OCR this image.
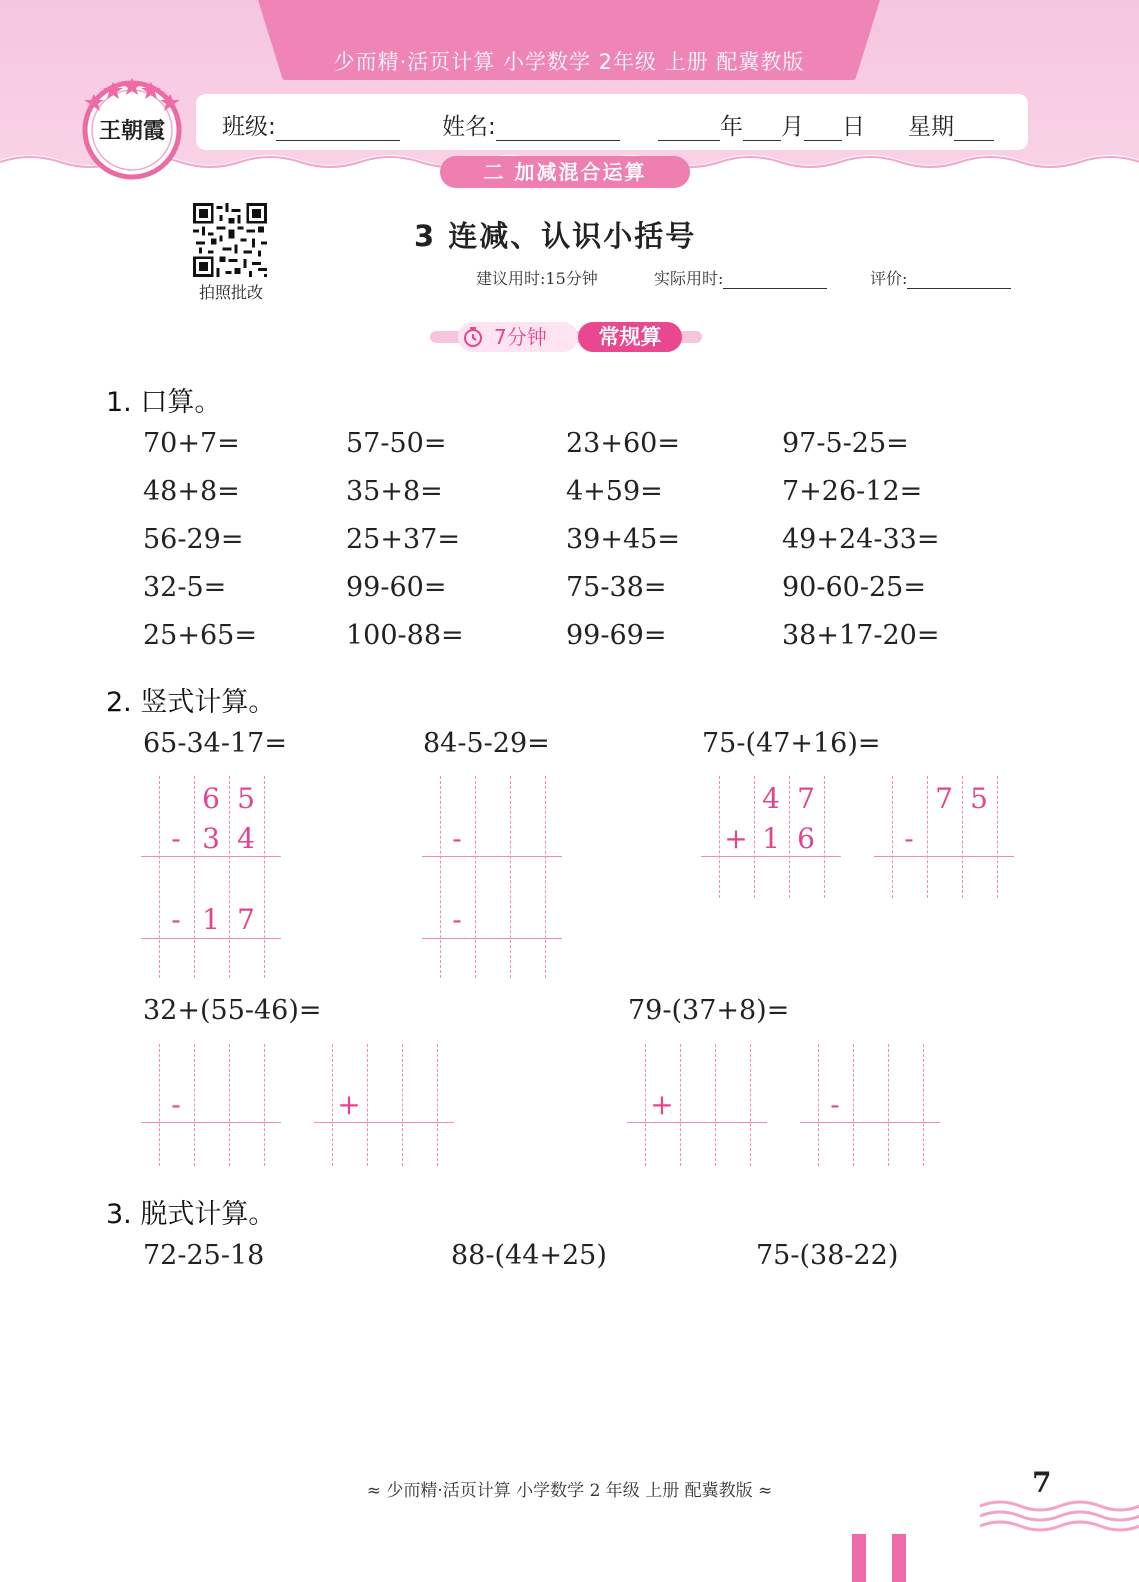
少而精·活页计算 小学数学 2年级 上册 配冀教版
班级:	姓名:	年 月 日 星期
二 加减混合运算
王朝霞
拍照批改
3 连减、认识小括号
建议用时:15分钟	实际用时:	评价:
7分钟	常规算
1. 口算。
70+7=	57-50=	23+60=	97-5-25=
48+8=	35+8=	4+59=	7+26-12=
56-29=	25+37=	39+45=	49+24-33=
32-5=	99-60=	75-38=	90-60-25=
25+65=	100-88=	99-69=	38+17-20=
2. 竖式计算。
65-34-17=	84-5-29=	75-(47+16)=
32+(55-46)=	79-(37+8)=
6 5
- 3 4
- 1 7
-
-
4 7
+ 1 6
7 5
-
-	+	+	-
3. 脱式计算。
72-25-18	88-(44+25)	75-(38-22)
≈ 少而精·活页计算 小学数学 2 年级 上册 配冀教版 ≈	7
